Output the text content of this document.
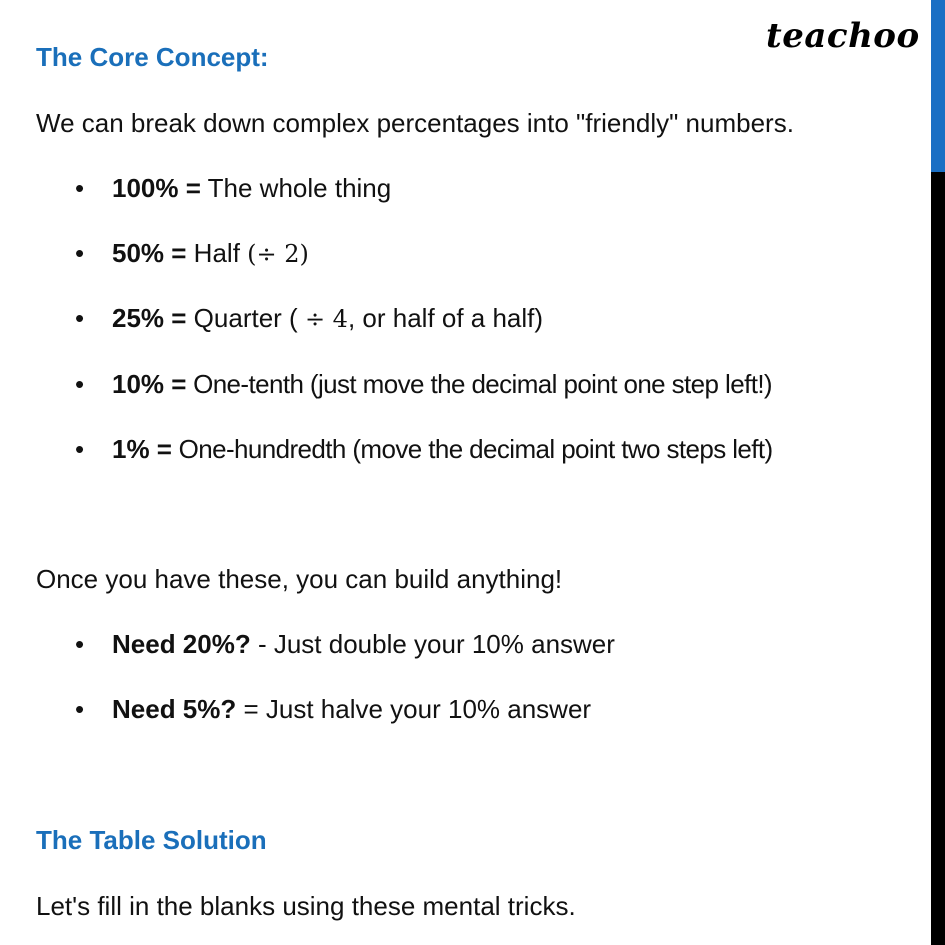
teachoo
The Core Concept:
We can break down complex percentages into "friendly" numbers.
• 100% = The whole thing
• 50% = Half (÷ 2)
• 25% = Quarter ( ÷ 4, or half of a half)
• 10% = One-tenth (just move the decimal point one step left!)
• 1% = One-hundredth (move the decimal point two steps left)
Once you have these, you can build anything!
• Need 20%? - Just double your 10% answer
• Need 5%? = Just halve your 10% answer
The Table Solution
Let's fill in the blanks using these mental tricks.
